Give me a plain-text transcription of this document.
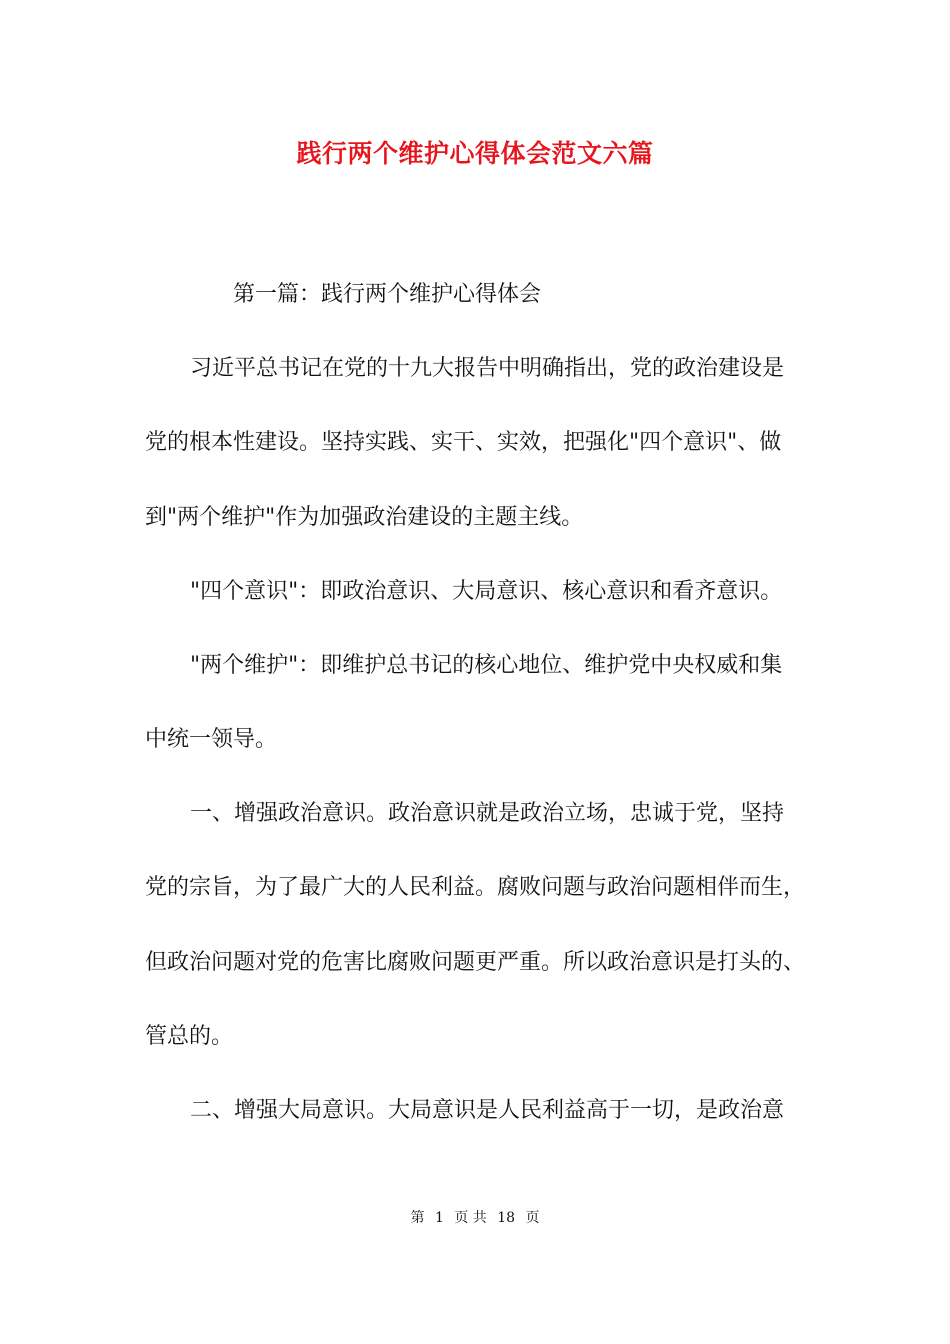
践行两个维护心得体会范文六篇
第一篇：践行两个维护心得体会
习近平总书记在党的十九大报告中明确指出，党的政治建设是
党的根本性建设。坚持实践、实干、实效，把强化"四个意识"、做
到"两个维护"作为加强政治建设的主题主线。
"四个意识"：即政治意识、大局意识、核心意识和看齐意识。
"两个维护"：即维护总书记的核心地位、维护党中央权威和集
中统一领导。
一、增强政治意识。政治意识就是政治立场，忠诚于党，坚持
党的宗旨，为了最广大的人民利益。腐败问题与政治问题相伴而生，
但政治问题对党的危害比腐败问题更严重。所以政治意识是打头的、
管总的。
二、增强大局意识。大局意识是人民利益高于一切，是政治意
第 1 页 共 18 页
